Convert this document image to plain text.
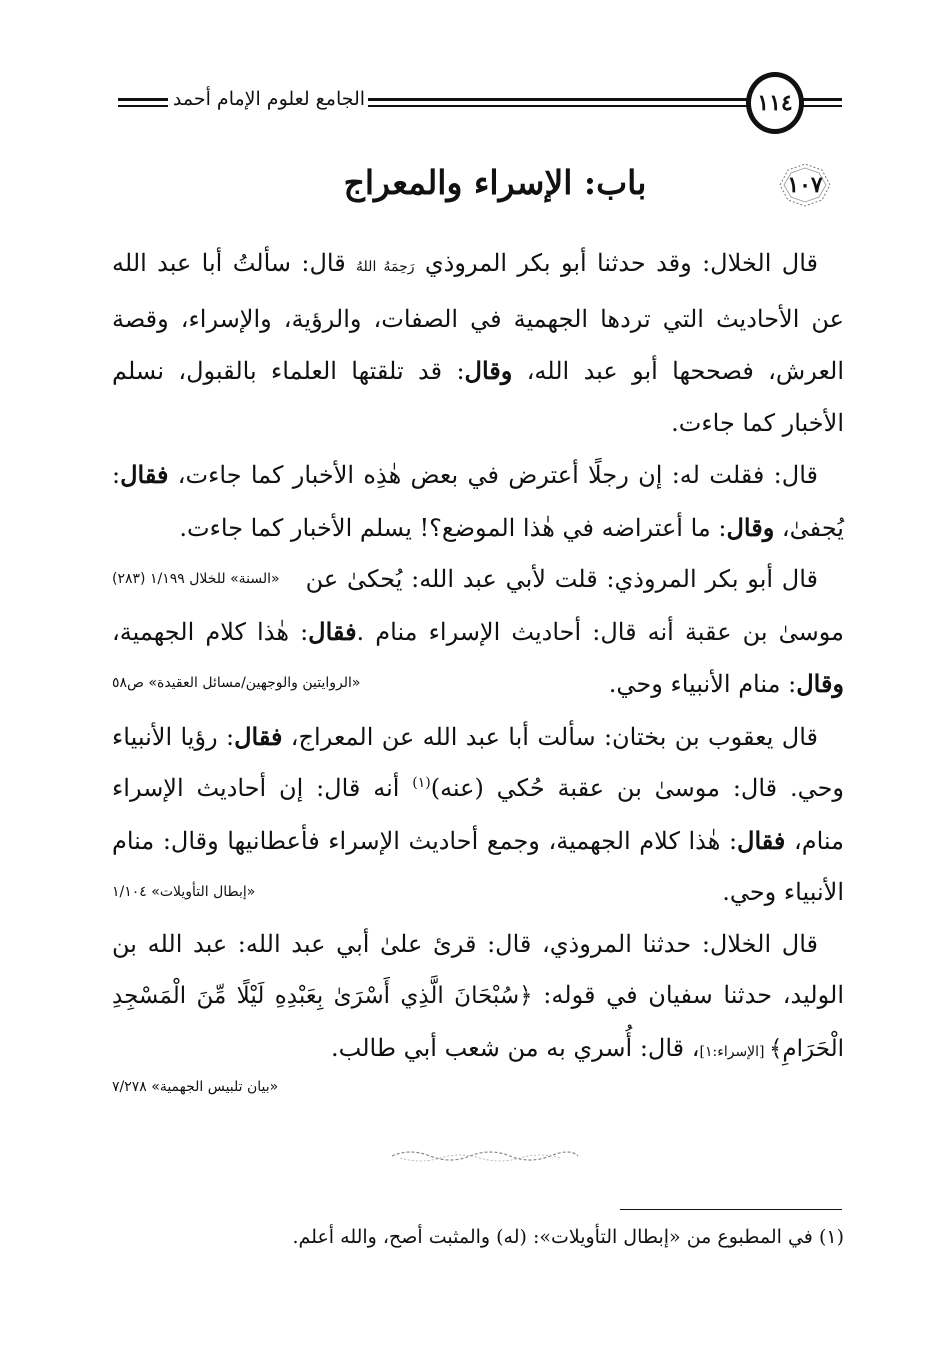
الجامع لعلوم الإمام أحمد	١١٤
١٠٧
باب: الإسراء والمعراج

قال الخلال: وقد حدثنا أبو بكر المروذي رَحِمَهُ اللهُ قال: سألتُ أبا عبد الله عن الأحاديث التي تردها الجهمية في الصفات، والرؤية، والإسراء، وقصة العرش، فصححها أبو عبد الله، وقال: قد تلقتها العلماء بالقبول، نسلم الأخبار كما جاءت.

قال: فقلت له: إن رجلًا أعترض في بعض هٰذِه الأخبار كما جاءت، فقال: يُجفىٰ، وقال: ما أعتراضه في هٰذا الموضع؟! يسلم الأخبار كما جاءت.
«السنة» للخلال ١/١٩٩ (٢٨٣)	قال أبو بكر المروذي: قلت لأبي عبد الله: يُحكىٰ عن موسىٰ بن عقبة أنه قال: أحاديث الإسراء منام .فقال: هٰذا كلام الجهمية، وقال: منام الأنبياء وحي.
«الروايتين والوجهين/مسائل العقيدة» ص٥٨

قال يعقوب بن بختان: سألت أبا عبد الله عن المعراج، فقال: رؤيا الأنبياء وحي. قال: موسىٰ بن عقبة حُكي (عنه)$^{(١)}$ أنه قال: إن أحاديث الإسراء منام، فقال: هٰذا كلام الجهمية، وجمع أحاديث الإسراء فأعطانيها وقال: منام الأنبياء وحي.
«إبطال التأويلات» ١/١٠٤

قال الخلال: حدثنا المروذي، قال: قرئ علىٰ أبي عبد الله: عبد الله بن الوليد، حدثنا سفيان في قوله: ﴿سُبْحَانَ الَّذِي أَسْرَىٰ بِعَبْدِهِ لَيْلًا مِّنَ الْمَسْجِدِ الْحَرَامِ﴾ [الإسراء:١]، قال: أُسري به من شعب أبي طالب.

«بيان تلبيس الجهمية» ٧/٢٧٨
(١) في المطبوع من «إبطال التأويلات»: (له) والمثبت أصح، والله أعلم.
